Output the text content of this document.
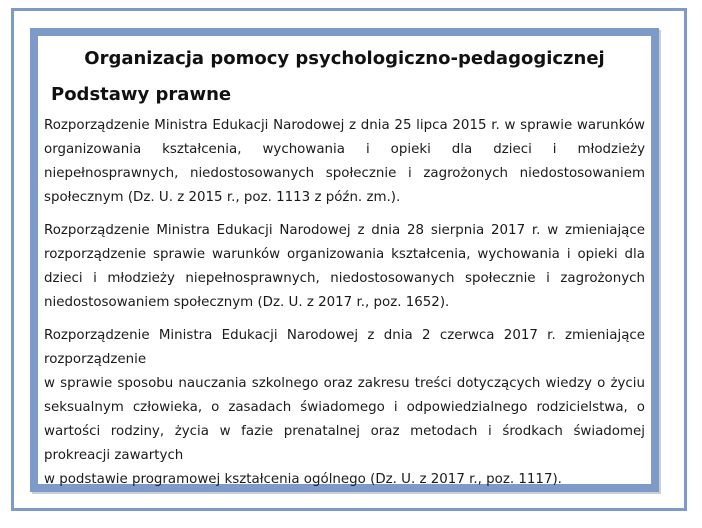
Organizacja pomocy psychologiczno-pedagogicznej
Podstawy prawne

Rozporządzenie Ministra Edukacji Narodowej z dnia 25 lipca 2015 r. w sprawie warunków organizowania kształcenia, wychowania i opieki dla dzieci i młodzieży niepełnosprawnych, niedostosowanych społecznie i zagrożonych niedostosowaniem społecznym (Dz. U. z 2015 r., poz. 1113 z późn. zm.).

Rozporządzenie Ministra Edukacji Narodowej z dnia 28 sierpnia 2017 r. w zmieniające rozporządzenie sprawie warunków organizowania kształcenia, wychowania i opieki dla dzieci i młodzieży niepełnosprawnych, niedostosowanych społecznie i zagrożonych niedostosowaniem społecznym (Dz. U. z 2017 r., poz. 1652).

Rozporządzenie Ministra Edukacji Narodowej z dnia 2 czerwca 2017 r. zmieniające rozporządzenie
w sprawie sposobu nauczania szkolnego oraz zakresu treści dotyczących wiedzy o życiu seksualnym człowieka, o zasadach świadomego i odpowiedzialnego rodzicielstwa, o wartości rodziny, życia w fazie prenatalnej oraz metodach i środkach świadomej prokreacji zawartych
w podstawie programowej kształcenia ogólnego (Dz. U. z 2017 r., poz. 1117).
